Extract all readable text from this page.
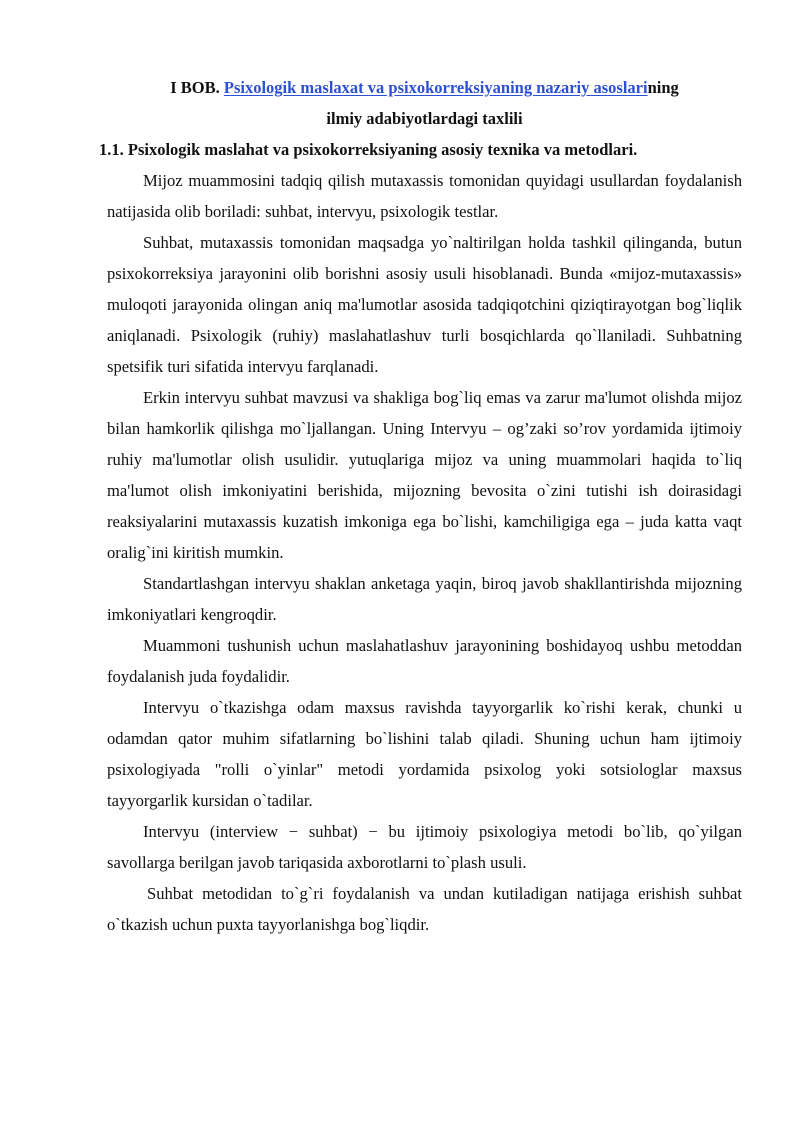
I BOB. Psixologik maslaxat va psixokorreksiyaning nazariy asoslarining
ilmiy adabiyotlardagi taxlili
1.1. Psixologik maslahat va psixokorreksiyaning asosiy texnika va metodlari.

Mijoz muammosini tadqiq qilish mutaxassis tomonidan quyidagi usullardan foydalanish natijasida olib boriladi: suhbat, intervyu, psixologik testlar.

Suhbat, mutaxassis tomonidan maqsadga yo`naltirilgan holda tashkil qilinganda, butun psixokorreksiya jarayonini olib borishni asosiy usuli hisoblanadi. Bunda «mijoz-mutaxassis» muloqoti jarayonida olingan aniq ma'lumotlar asosida tadqiqotchini qiziqtirayotgan bog`liqlik aniqlanadi. Psixologik (ruhiy) maslahatlashuv turli bosqichlarda qo`llaniladi. Suhbatning spetsifik turi sifatida intervyu farqlanadi.

Erkin intervyu suhbat mavzusi va shakliga bog`liq emas va zarur ma'lumot olishda mijoz bilan hamkorlik qilishga mo`ljallangan. Uning Intervyu – og’zaki so’rov yordamida ijtimoiy ruhiy ma'lumotlar olish usulidir. yutuqlariga mijoz va uning muammolari haqida to`liq ma'lumot olish imkoniyatini berishida, mijozning bevosita o`zini tutishi ish doirasidagi reaksiyalarini mutaxassis kuzatish imkoniga ega bo`lishi, kamchiligiga ega – juda katta vaqt oralig`ini kiritish mumkin.

Standartlashgan intervyu shaklan anketaga yaqin, biroq javob shakllantirishda mijozning imkoniyatlari kengroqdir.

Muammoni tushunish uchun maslahatlashuv jarayonining boshidayoq ushbu metoddan foydalanish juda foydalidir.

Intervyu o`tkazishga odam maxsus ravishda tayyorgarlik ko`rishi kerak, chunki u odamdan qator muhim sifatlarning bo`lishini talab qiladi. Shuning uchun ham ijtimoiy psixologiyada "rolli o`yinlar" metodi yordamida psixolog yoki sotsiologlar maxsus tayyorgarlik kursidan o`tadilar.

Intervyu (interview − suhbat) − bu ijtimoiy psixologiya metodi bo`lib, qo`yilgan savollarga berilgan javob tariqasida axborotlarni to`plash usuli.

Suhbat metodidan to`g`ri foydalanish va undan kutiladigan natijaga erishish suhbat o`tkazish uchun puxta tayyorlanishga bog`liqdir.
